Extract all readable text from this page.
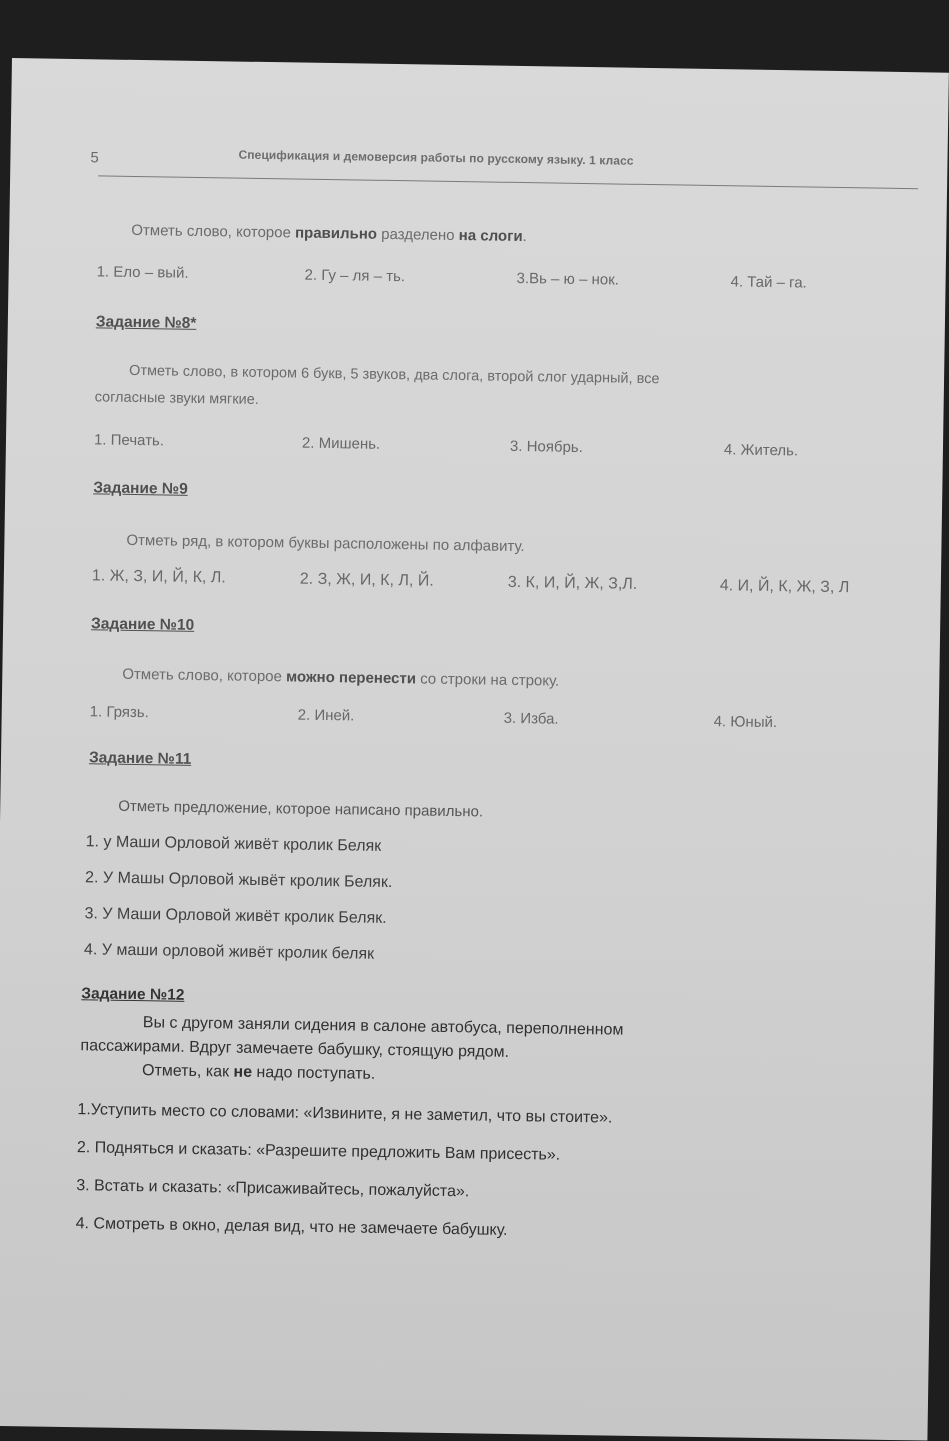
5	Спецификация и демоверсия работы по русскому языку. 1 класс
Отметь слово, которое правильно разделено на слоги.
1. Ело – вый.	2. Гу – ля – ть.	3.Вь – ю – нок.	4. Тай – га.
Задание №8*
Отметь слово, в котором 6 букв, 5 звуков, два слога, второй слог ударный, все
согласные звуки мягкие.
1. Печать.	2. Мишень.	3. Ноябрь.	4. Житель.
Задание №9
Отметь ряд, в котором буквы расположены по алфавиту.
1. Ж, З, И, Й, К, Л.	2. З, Ж, И, К, Л, Й.	3. К, И, Й, Ж, З,Л.	4. И, Й, К, Ж, З, Л
Задание №10
Отметь слово, которое можно перенести со строки на строку.
1. Грязь.	2. Иней.	3. Изба.	4. Юный.
Задание №11
Отметь предложение, которое написано правильно.
1. у Маши Орловой живёт кролик Беляк
2. У Машы Орловой жывёт кролик Беляк.
3. У Маши Орловой живёт кролик Беляк.
4. У маши орловой живёт кролик беляк
Задание №12
Вы с другом заняли сидения в салоне автобуса, переполненном
пассажирами. Вдруг замечаете бабушку, стоящую рядом.
Отметь, как не надо поступать.
1.Уступить место со словами: «Извините, я не заметил, что вы стоите».
2. Подняться и сказать: «Разрешите предложить Вам присесть».
3. Встать и сказать: «Присаживайтесь, пожалуйста».
4. Смотреть в окно, делая вид, что не замечаете бабушку.
